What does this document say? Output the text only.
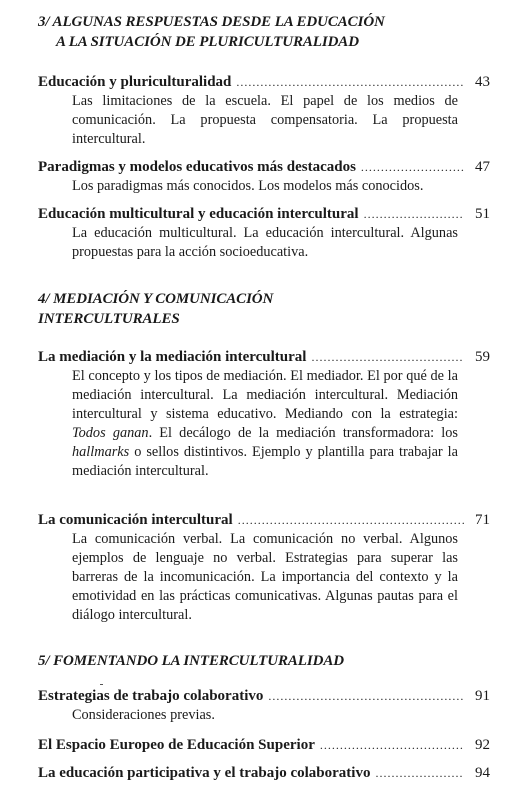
3/ ALGUNAS RESPUESTAS DESDE LA EDUCACIÓN
A LA SITUACIÓN DE PLURICULTURALIDAD
Educación y pluriculturalidad .....	43
Las limitaciones de la escuela. El papel de los medios de comunicación. La propuesta compensatoria. La propuesta intercultural.
Paradigmas y modelos educativos más destacados .....	47
Los paradigmas más conocidos. Los modelos más conocidos.
Educación multicultural y educación intercultural .....	51
La educación multicultural. La educación intercultural. Algunas propuestas para la acción socioeducativa.
4/ MEDIACIÓN Y COMUNICACIÓN
INTERCULTURALES
La mediación y la mediación intercultural .....	59
El concepto y los tipos de mediación. El mediador. El por qué de la mediación intercultural. La mediación intercultural. Mediación intercultural y sistema educativo. Mediando con la estrategia: Todos ganan. El decálogo de la mediación transformadora: los hallmarks o sellos distintivos. Ejemplo y plantilla para trabajar la mediación intercultural.
La comunicación intercultural .....	71
La comunicación verbal. La comunicación no verbal. Algunos ejemplos de lenguaje no verbal. Estrategias para superar las barreras de la incomunicación. La importancia del contexto y la emotividad en las prácticas comunicativas. Algunas pautas para el diálogo intercultural.
5/ FOMENTANDO LA INTERCULTURALIDAD
Estrategias de trabajo colaborativo .....	91
Consideraciones previas.
El Espacio Europeo de Educación Superior .....	92
La educación participativa y el trabajo colaborativo .....	94
